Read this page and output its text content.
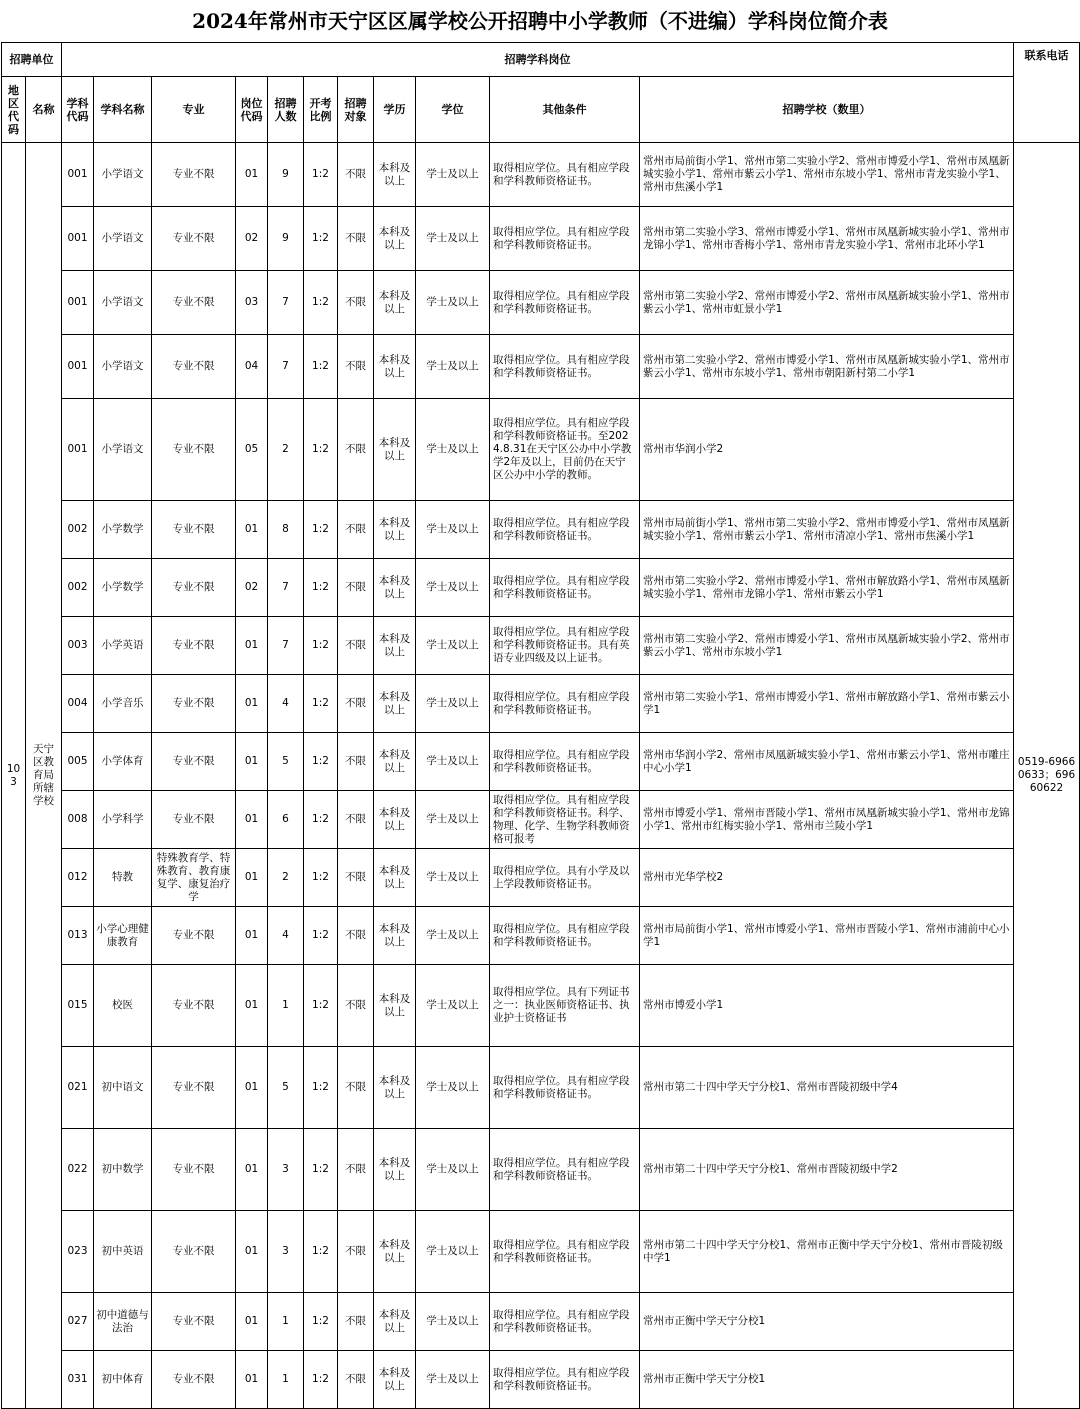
2024年常州市天宁区区属学校公开招聘中小学教师（不进编）学科岗位简介表
招聘单位		招聘学科岗位											联系电话
地区代码	名称	学科代码	学科名称	专业	岗位代码	招聘人数	开考比例	招聘对象	学历	学位	其他条件	招聘学校（数里）	
103	天宁区教育局所辖学校	001	小学语文	专业不限	01	9	1:2	不限	本科及以上	学士及以上	取得相应学位。具有相应学段和学科教师资格证书。	常州市局前街小学1、常州市第二实验小学2、常州市博爱小学1、常州市凤凰新城实验小学1、常州市紫云小学1、常州市东坡小学1、常州市青龙实验小学1、常州市焦溪小学1	0519-69660633；69660622
		001	小学语文	专业不限	02	9	1:2	不限	本科及以上	学士及以上	取得相应学位。具有相应学段和学科教师资格证书。	常州市第二实验小学3、常州市博爱小学1、常州市凤凰新城实验小学1、常州市龙锦小学1、常州市香梅小学1、常州市青龙实验小学1、常州市北环小学1	
		001	小学语文	专业不限	03	7	1:2	不限	本科及以上	学士及以上	取得相应学位。具有相应学段和学科教师资格证书。	常州市第二实验小学2、常州市博爱小学2、常州市凤凰新城实验小学1、常州市紫云小学1、常州市虹景小学1	
		001	小学语文	专业不限	04	7	1:2	不限	本科及以上	学士及以上	取得相应学位。具有相应学段和学科教师资格证书。	常州市第二实验小学2、常州市博爱小学1、常州市凤凰新城实验小学1、常州市紫云小学1、常州市东坡小学1、常州市朝阳新村第二小学1	
		001	小学语文	专业不限	05	2	1:2	不限	本科及以上	学士及以上	取得相应学位。具有相应学段和学科教师资格证书。至2024.8.31在天宁区公办中小学教学2年及以上，目前仍在天宁区公办中小学的教师。	常州市华润小学2	
		002	小学数学	专业不限	01	8	1:2	不限	本科及以上	学士及以上	取得相应学位。具有相应学段和学科教师资格证书。	常州市局前街小学1、常州市第二实验小学2、常州市博爱小学1、常州市凤凰新城实验小学1、常州市紫云小学1、常州市清凉小学1、常州市焦溪小学1	
		002	小学数学	专业不限	02	7	1:2	不限	本科及以上	学士及以上	取得相应学位。具有相应学段和学科教师资格证书。	常州市第二实验小学2、常州市博爱小学1、常州市解放路小学1、常州市凤凰新城实验小学1、常州市龙锦小学1、常州市紫云小学1	
		003	小学英语	专业不限	01	7	1:2	不限	本科及以上	学士及以上	取得相应学位。具有相应学段和学科教师资格证书。具有英语专业四级及以上证书。	常州市第二实验小学2、常州市博爱小学1、常州市凤凰新城实验小学2、常州市紫云小学1、常州市东坡小学1	
		004	小学音乐	专业不限	01	4	1:2	不限	本科及以上	学士及以上	取得相应学位。具有相应学段和学科教师资格证书。	常州市第二实验小学1、常州市博爱小学1、常州市解放路小学1、常州市紫云小学1	
		005	小学体育	专业不限	01	5	1:2	不限	本科及以上	学士及以上	取得相应学位。具有相应学段和学科教师资格证书。	常州市华润小学2、常州市凤凰新城实验小学1、常州市紫云小学1、常州市雕庄中心小学1	
		008	小学科学	专业不限	01	6	1:2	不限	本科及以上	学士及以上	取得相应学位。具有相应学段和学科教师资格证书。科学、物理、化学、生物学科教师资格可报考	常州市博爱小学1、常州市晋陵小学1、常州市凤凰新城实验小学1、常州市龙锦小学1、常州市红梅实验小学1、常州市兰陵小学1	
		012	特教	特殊教育学、特殊教育、教育康复学、康复治疗学	01	2	1:2	不限	本科及以上	学士及以上	取得相应学位。具有小学及以上学段教师资格证书。	常州市光华学校2	
		013	小学心理健康教育	专业不限	01	4	1:2	不限	本科及以上	学士及以上	取得相应学位。具有相应学段和学科教师资格证书。	常州市局前街小学1、常州市博爱小学1、常州市晋陵小学1、常州市浦前中心小学1	
		015	校医	专业不限	01	1	1:2	不限	本科及以上	学士及以上	取得相应学位。具有下列证书之一：执业医师资格证书、执业护士资格证书	常州市博爱小学1	
		021	初中语文	专业不限	01	5	1:2	不限	本科及以上	学士及以上	取得相应学位。具有相应学段和学科教师资格证书。	常州市第二十四中学天宁分校1、常州市晋陵初级中学4	
		022	初中数学	专业不限	01	3	1:2	不限	本科及以上	学士及以上	取得相应学位。具有相应学段和学科教师资格证书。	常州市第二十四中学天宁分校1、常州市晋陵初级中学2	
		023	初中英语	专业不限	01	3	1:2	不限	本科及以上	学士及以上	取得相应学位。具有相应学段和学科教师资格证书。	常州市第二十四中学天宁分校1、常州市正衡中学天宁分校1、常州市晋陵初级中学1	
		027	初中道德与法治	专业不限	01	1	1:2	不限	本科及以上	学士及以上	取得相应学位。具有相应学段和学科教师资格证书。	常州市正衡中学天宁分校1	
		031	初中体育	专业不限	01	1	1:2	不限	本科及以上	学士及以上	取得相应学位。具有相应学段和学科教师资格证书。	常州市正衡中学天宁分校1	
